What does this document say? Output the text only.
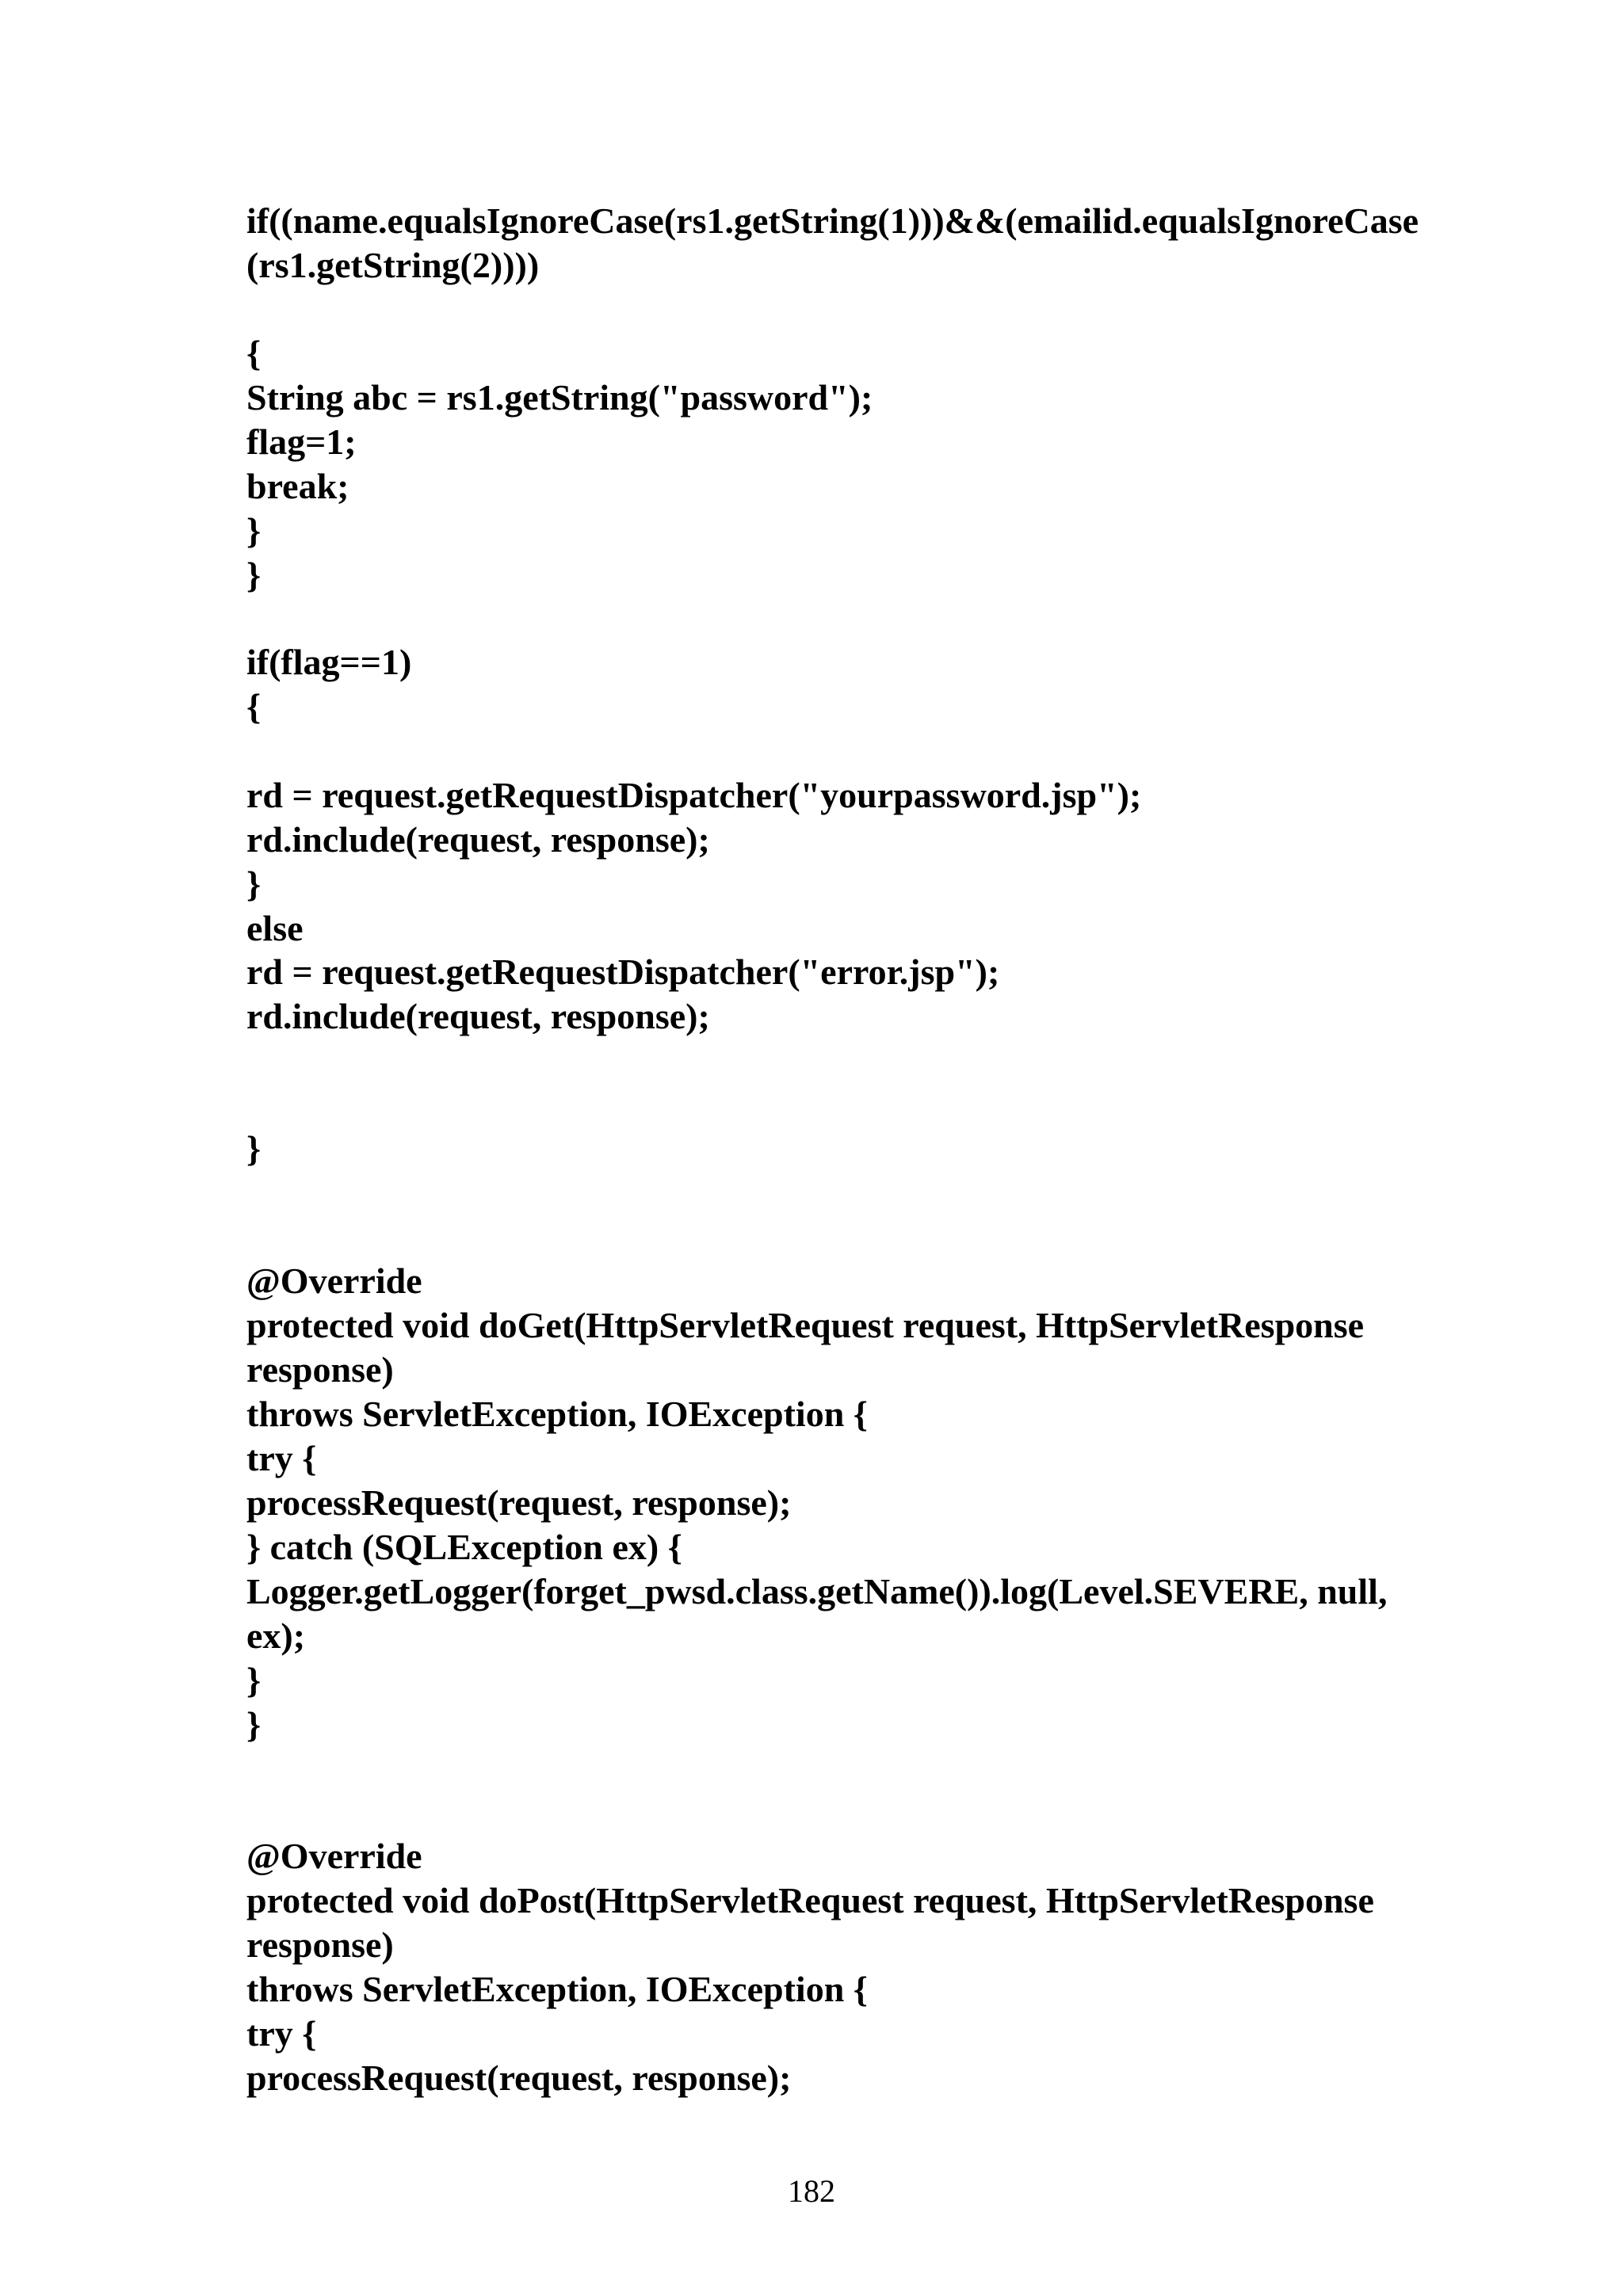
if((name.equalsIgnoreCase(rs1.getString(1)))&&(emailid.equalsIgnoreCase

(rs1.getString(2))))

{

String abc = rs1.getString("password");

flag=1;

break;

}

}

if(flag==1)

{

rd = request.getRequestDispatcher("yourpassword.jsp");

rd.include(request, response);

}

else

rd = request.getRequestDispatcher("error.jsp");

rd.include(request, response);

}

@Override

protected void doGet(HttpServletRequest request, HttpServletResponse

response)

throws ServletException, IOException {

try {

processRequest(request, response);

} catch (SQLException ex) {

Logger.getLogger(forget_pwsd.class.getName()).log(Level.SEVERE, null,

ex);

}

}

@Override

protected void doPost(HttpServletRequest request, HttpServletResponse

response)

throws ServletException, IOException {

try {

processRequest(request, response);

182
